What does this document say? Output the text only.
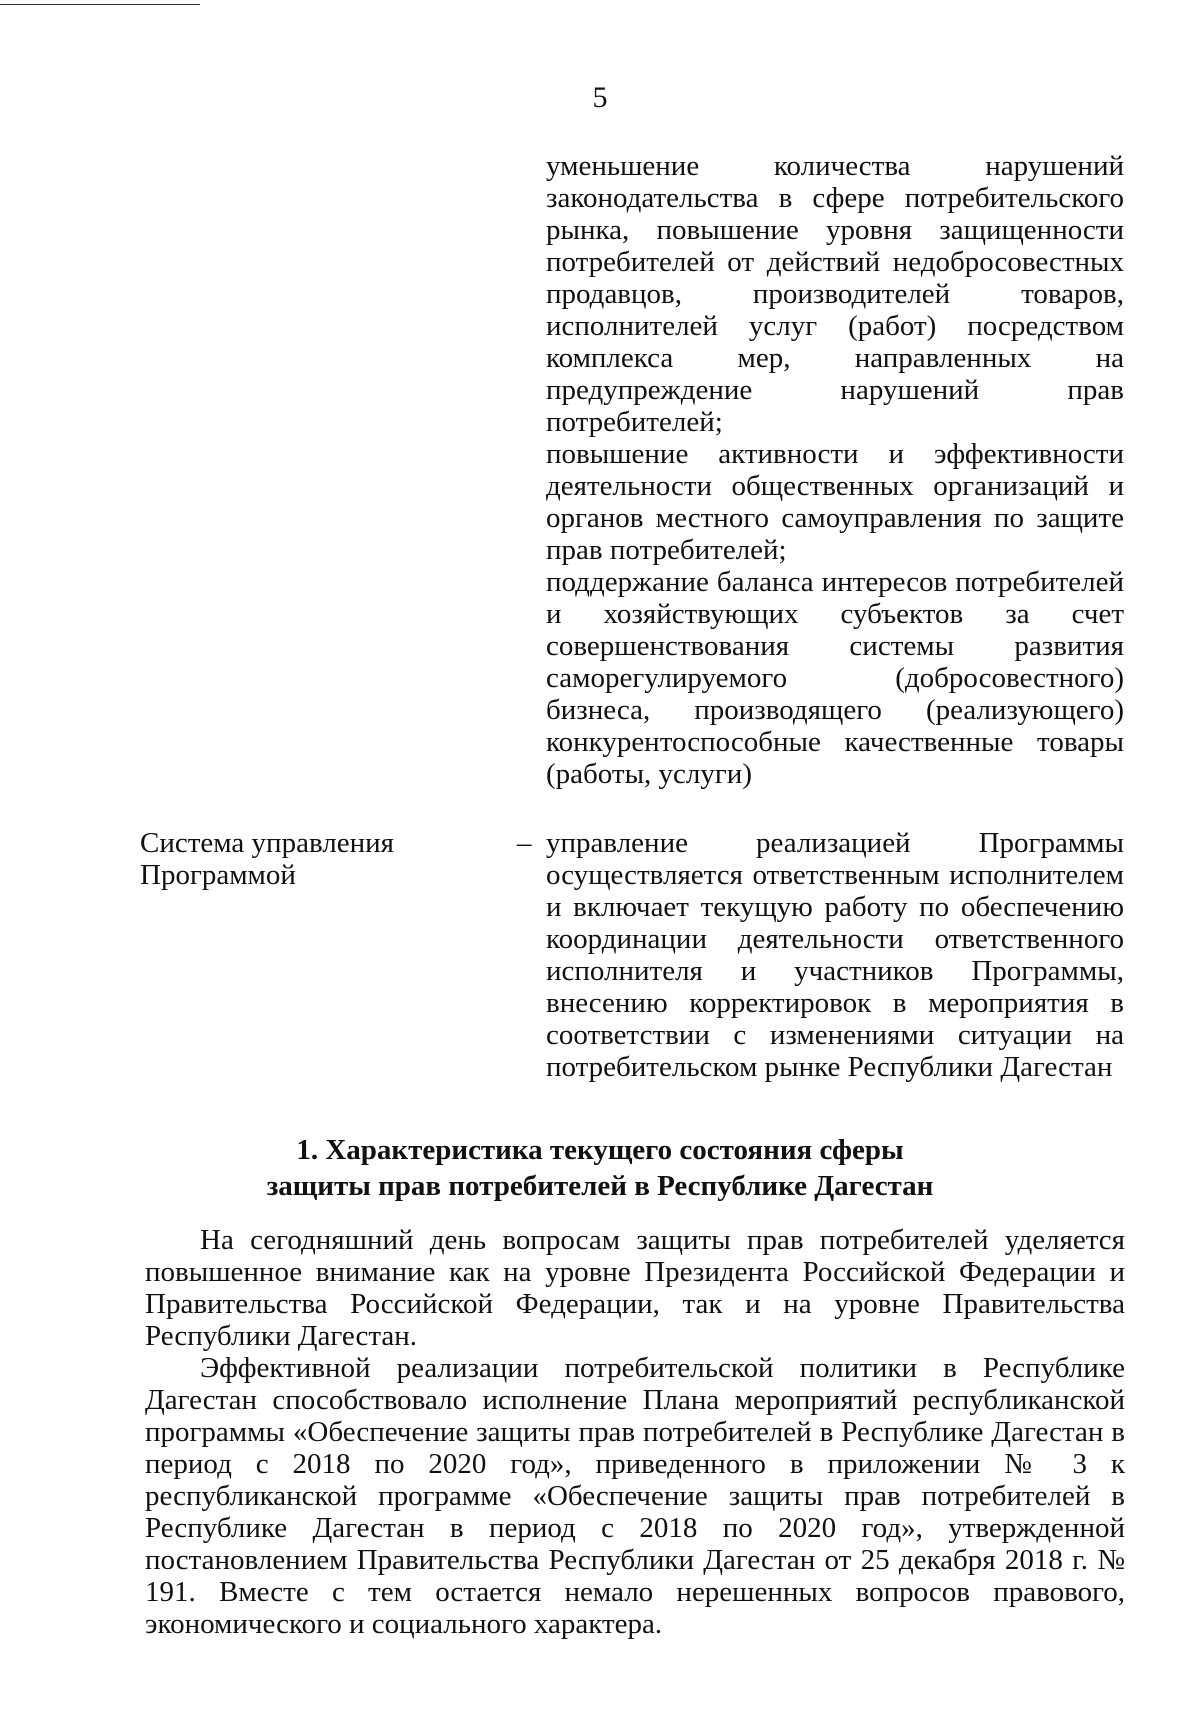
5

уменьшение количества нарушений законодательства в сфере потребительского рынка, повышение уровня защищенности потребителей от действий недобросовестных продавцов, производителей товаров, исполнителей услуг (работ) посредством комплекса мер, направленных на предупреждение нарушений прав потребителей;

повышение активности и эффективности деятельности общественных организаций и органов местного самоуправления по защите прав потребителей;

поддержание баланса интересов потребителей и хозяйствующих субъектов за счет совершенствования системы развития саморегулируемого (добросовестного) бизнеса, производящего (реализующего) конкурентоспособные качественные товары (работы, услуги)

Система управления Программой
– управление реализацией Программы осуществляется ответственным исполнителем и включает текущую работу по обеспечению координации деятельности ответственного исполнителя и участников Программы, внесению корректировок в мероприятия в соответствии с изменениями ситуации на потребительском рынке Республики Дагестан

1. Характеристика текущего состояния сферы
защиты прав потребителей в Республике Дагестан

На сегодняшний день вопросам защиты прав потребителей уделяется повышенное внимание как на уровне Президента Российской Федерации и Правительства Российской Федерации, так и на уровне Правительства Республики Дагестан.

Эффективной реализации потребительской политики в Республике Дагестан способствовало исполнение Плана мероприятий республиканской программы «Обеспечение защиты прав потребителей в Республике Дагестан в период с 2018 по 2020 год», приведенного в приложении № 3 к республиканской программе «Обеспечение защиты прав потребителей в Республике Дагестан в период с 2018 по 2020 год», утвержденной постановлением Правительства Республики Дагестан от 25 декабря 2018 г. № 191. Вместе с тем остается немало нерешенных вопросов правового, экономического и социального характера.
